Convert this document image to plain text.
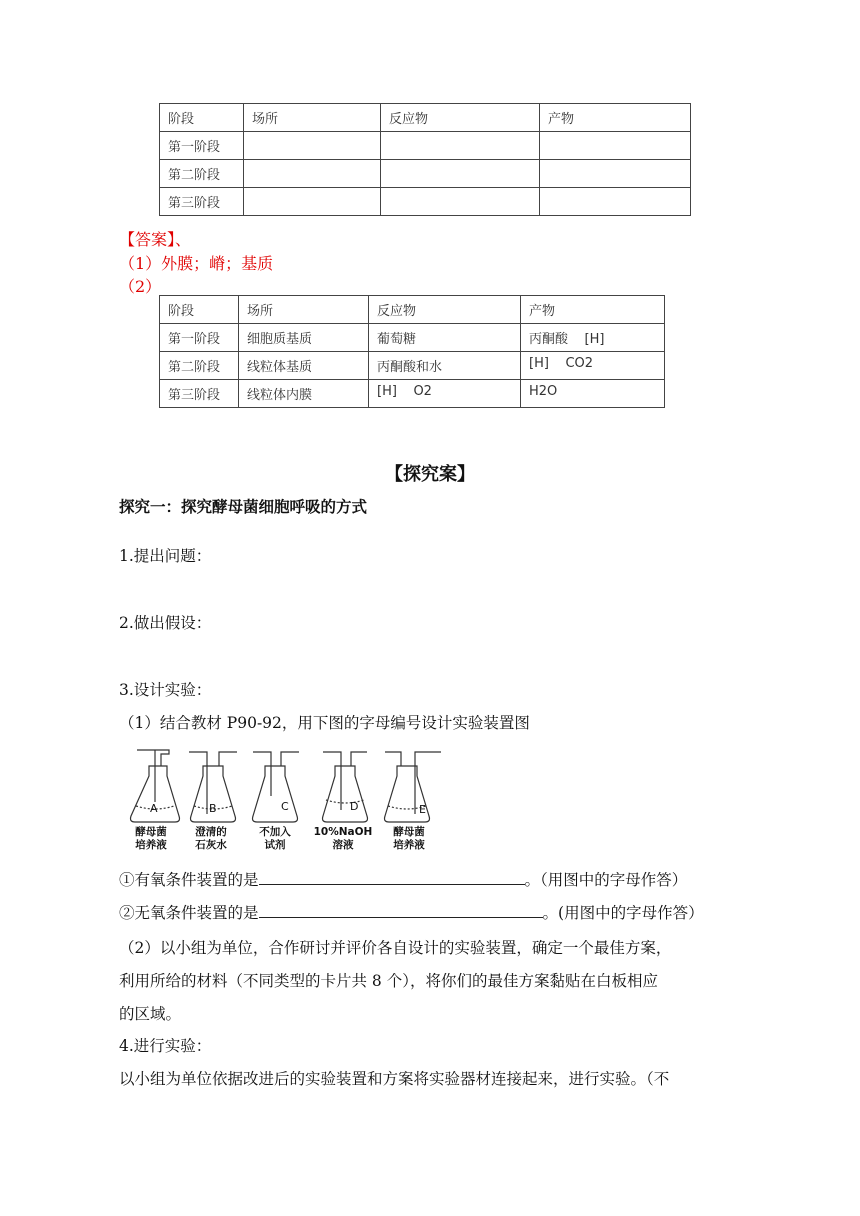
阶段	场所	反应物	产物
第一阶段			
第二阶段			
第三阶段			
【答案】、
（1）外膜；嵴；基质
（2）
阶段	场所	反应物	产物
第一阶段	细胞质基质	葡萄糖	丙酮酸    [H]
第二阶段	线粒体基质	丙酮酸和水	[H]    CO2
第三阶段	线粒体内膜	[H]    O2	H2O
【探究案】
探究一：探究酵母菌细胞呼吸的方式
1.提出问题：
2.做出假设：
3.设计实验：
（1）结合教材 P90-92，用下图的字母编号设计实验装置图
A	B	C	D	E
酵母菌
培养液
澄清的
石灰水
不加入
试剂
10%NaOH
溶液
酵母菌
培养液
①有氧条件装置的是	。（用图中的字母作答）
②无氧条件装置的是	。(用图中的字母作答）
（2）以小组为单位，合作研讨并评价各自设计的实验装置，确定一个最佳方案，
利用所给的材料（不同类型的卡片共 8 个），将你们的最佳方案黏贴在白板相应
的区域。
4.进行实验：
以小组为单位依据改进后的实验装置和方案将实验器材连接起来，进行实验。（不
